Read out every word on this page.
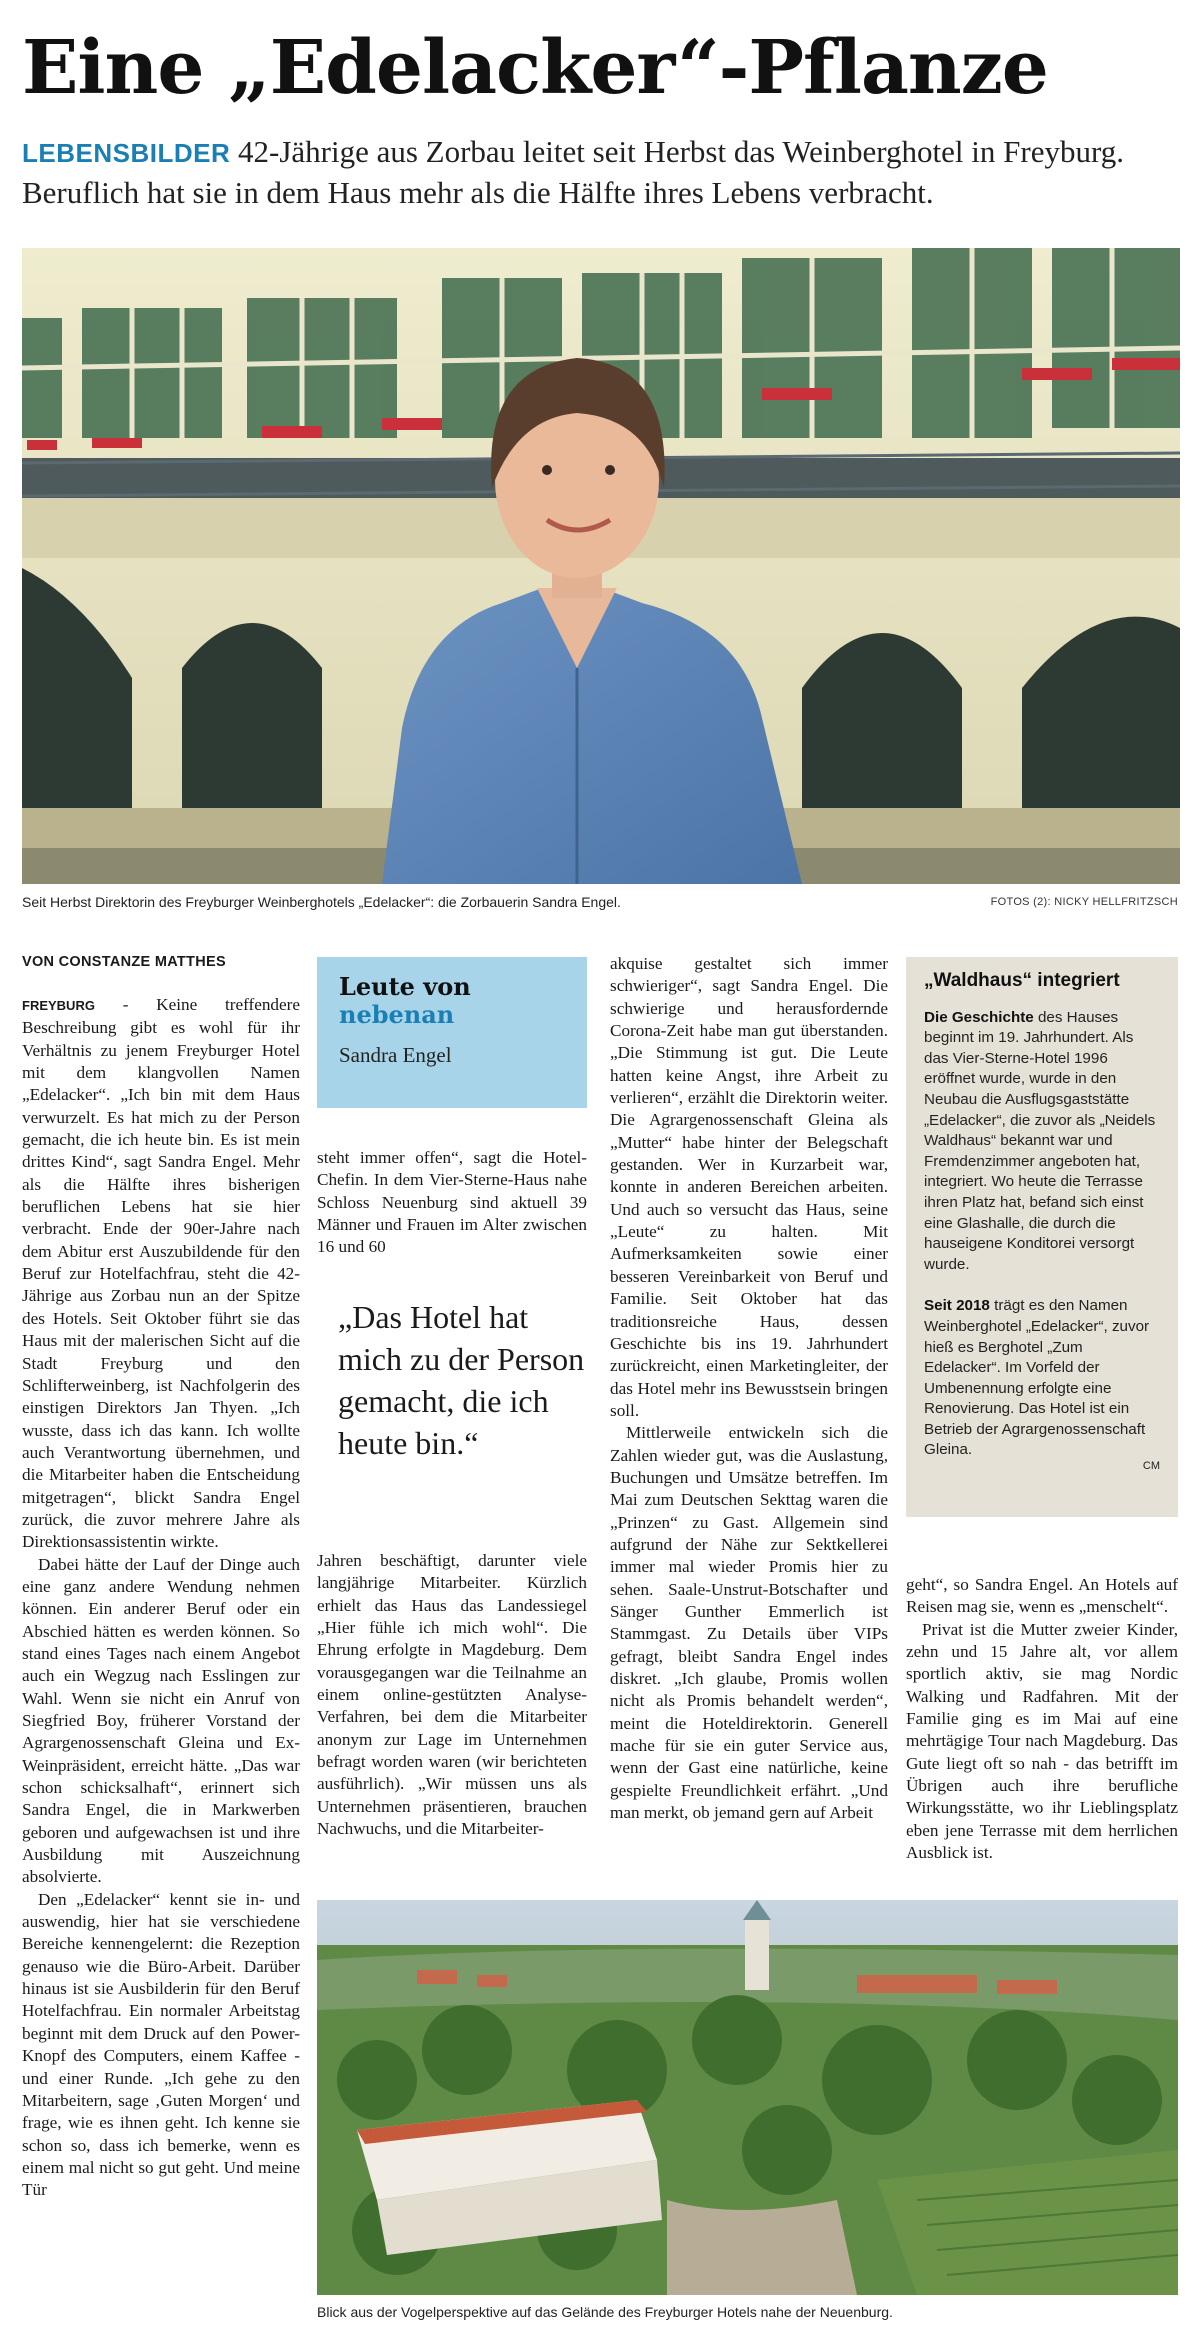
Eine „Edelacker“-Pflanze
LEBENSBILDER 42-Jährige aus Zorbau leitet seit Herbst das Weinberghotel in Freyburg. Beruflich hat sie in dem Haus mehr als die Hälfte ihres Lebens verbracht.
Seit Herbst Direktorin des Freyburger Weinberghotels „Edelacker“: die Zorbauerin Sandra Engel.	FOTOS (2): NICKY HELLFRITZSCH
VON CONSTANZE MATTHES

FREYBURG - Keine treffendere Beschreibung gibt es wohl für ihr Verhältnis zu jenem Freyburger Hotel mit dem klangvollen Namen „Edelacker“. „Ich bin mit dem Haus verwurzelt. Es hat mich zu der Person gemacht, die ich heute bin. Es ist mein drittes Kind“, sagt Sandra Engel. Mehr als die Hälfte ihres bisherigen beruflichen Lebens hat sie hier verbracht. Ende der 90er-Jahre nach dem Abitur erst Auszubildende für den Beruf zur Hotelfachfrau, steht die 42-Jährige aus Zorbau nun an der Spitze des Hotels. Seit Oktober führt sie das Haus mit der malerischen Sicht auf die Stadt Freyburg und den Schlifterweinberg, ist Nachfolgerin des einstigen Direktors Jan Thyen. „Ich wusste, dass ich das kann. Ich wollte auch Verantwortung übernehmen, und die Mitarbeiter haben die Entscheidung mitgetragen“, blickt Sandra Engel zurück, die zuvor mehrere Jahre als Direktionsassistentin wirkte.

Dabei hätte der Lauf der Dinge auch eine ganz andere Wendung nehmen können. Ein anderer Beruf oder ein Abschied hätten es werden können. So stand eines Tages nach einem Angebot auch ein Wegzug nach Esslingen zur Wahl. Wenn sie nicht ein Anruf von Siegfried Boy, früherer Vorstand der Agrargenossenschaft Gleina und Ex-Weinpräsident, erreicht hätte. „Das war schon schicksalhaft“, erinnert sich Sandra Engel, die in Markwerben geboren und aufgewachsen ist und ihre Ausbildung mit Auszeichnung absolvierte.

Den „Edelacker“ kennt sie in- und auswendig, hier hat sie verschiedene Bereiche kennengelernt: die Rezeption genauso wie die Büro-Arbeit. Darüber hinaus ist sie Ausbilderin für den Beruf Hotelfachfrau. Ein normaler Arbeitstag beginnt mit dem Druck auf den Power-Knopf des Computers, einem Kaffee - und einer Runde. „Ich gehe zu den Mitarbeitern, sage ‚Guten Morgen‘ und frage, wie es ihnen geht. Ich kenne sie schon so, dass ich bemerke, wenn es einem mal nicht so gut geht. Und meine Tür

Leute von
nebenan
Sandra Engel

steht immer offen“, sagt die Hotel-Chefin. In dem Vier-Sterne-Haus nahe Schloss Neuenburg sind aktuell 39 Männer und Frauen im Alter zwischen 16 und 60

„Das Hotel hat mich zu der Person gemacht, die ich heute bin.“

Jahren beschäftigt, darunter viele langjährige Mitarbeiter. Kürzlich erhielt das Haus das Landessiegel „Hier fühle ich mich wohl“. Die Ehrung erfolgte in Magdeburg. Dem vorausgegangen war die Teilnahme an einem online-gestützten Analyse-Verfahren, bei dem die Mitarbeiter anonym zur Lage im Unternehmen befragt worden waren (wir berichteten ausführlich). „Wir müssen uns als Unternehmen präsentieren, brauchen Nachwuchs, und die Mitarbeiter-

akquise gestaltet sich immer schwieriger“, sagt Sandra Engel. Die schwierige und herausfordernde Corona-Zeit habe man gut überstanden. „Die Stimmung ist gut. Die Leute hatten keine Angst, ihre Arbeit zu verlieren“, erzählt die Direktorin weiter. Die Agrargenossenschaft Gleina als „Mutter“ habe hinter der Belegschaft gestanden. Wer in Kurzarbeit war, konnte in anderen Bereichen arbeiten. Und auch so versucht das Haus, seine „Leute“ zu halten. Mit Aufmerksamkeiten sowie einer besseren Vereinbarkeit von Beruf und Familie. Seit Oktober hat das traditionsreiche Haus, dessen Geschichte bis ins 19. Jahrhundert zurückreicht, einen Marketingleiter, der das Hotel mehr ins Bewusstsein bringen soll.

Mittlerweile entwickeln sich die Zahlen wieder gut, was die Auslastung, Buchungen und Umsätze betreffen. Im Mai zum Deutschen Sekttag waren die „Prinzen“ zu Gast. Allgemein sind aufgrund der Nähe zur Sektkellerei immer mal wieder Promis hier zu sehen. Saale-Unstrut-Botschafter und Sänger Gunther Emmerlich ist Stammgast. Zu Details über VIPs gefragt, bleibt Sandra Engel indes diskret. „Ich glaube, Promis wollen nicht als Promis behandelt werden“, meint die Hoteldirektorin. Generell mache für sie ein guter Service aus, wenn der Gast eine natürliche, keine gespielte Freundlichkeit erfährt. „Und man merkt, ob jemand gern auf Arbeit

„Waldhaus“ integriert

Die Geschichte des Hauses beginnt im 19. Jahrhundert. Als das Vier-Sterne-Hotel 1996 eröffnet wurde, wurde in den Neubau die Ausflugsgaststätte „Edelacker“, die zuvor als „Neidels Waldhaus“ bekannt war und Fremdenzimmer angeboten hat, integriert. Wo heute die Terrasse ihren Platz hat, befand sich einst eine Glashalle, die durch die hauseigene Konditorei versorgt wurde.

Seit 2018 trägt es den Namen Weinberghotel „Edelacker“, zuvor hieß es Berghotel „Zum Edelacker“. Im Vorfeld der Umbenennung erfolgte eine Renovierung. Das Hotel ist ein Betrieb der Agrargenossenschaft Gleina.

CM

geht“, so Sandra Engel. An Hotels auf Reisen mag sie, wenn es „menschelt“.

Privat ist die Mutter zweier Kinder, zehn und 15 Jahre alt, vor allem sportlich aktiv, sie mag Nordic Walking und Radfahren. Mit der Familie ging es im Mai auf eine mehrtägige Tour nach Magdeburg. Das Gute liegt oft so nah - das betrifft im Übrigen auch ihre berufliche Wirkungsstätte, wo ihr Lieblingsplatz eben jene Terrasse mit dem herrlichen Ausblick ist.

Blick aus der Vogelperspektive auf das Gelände des Freyburger Hotels nahe der Neuenburg.
